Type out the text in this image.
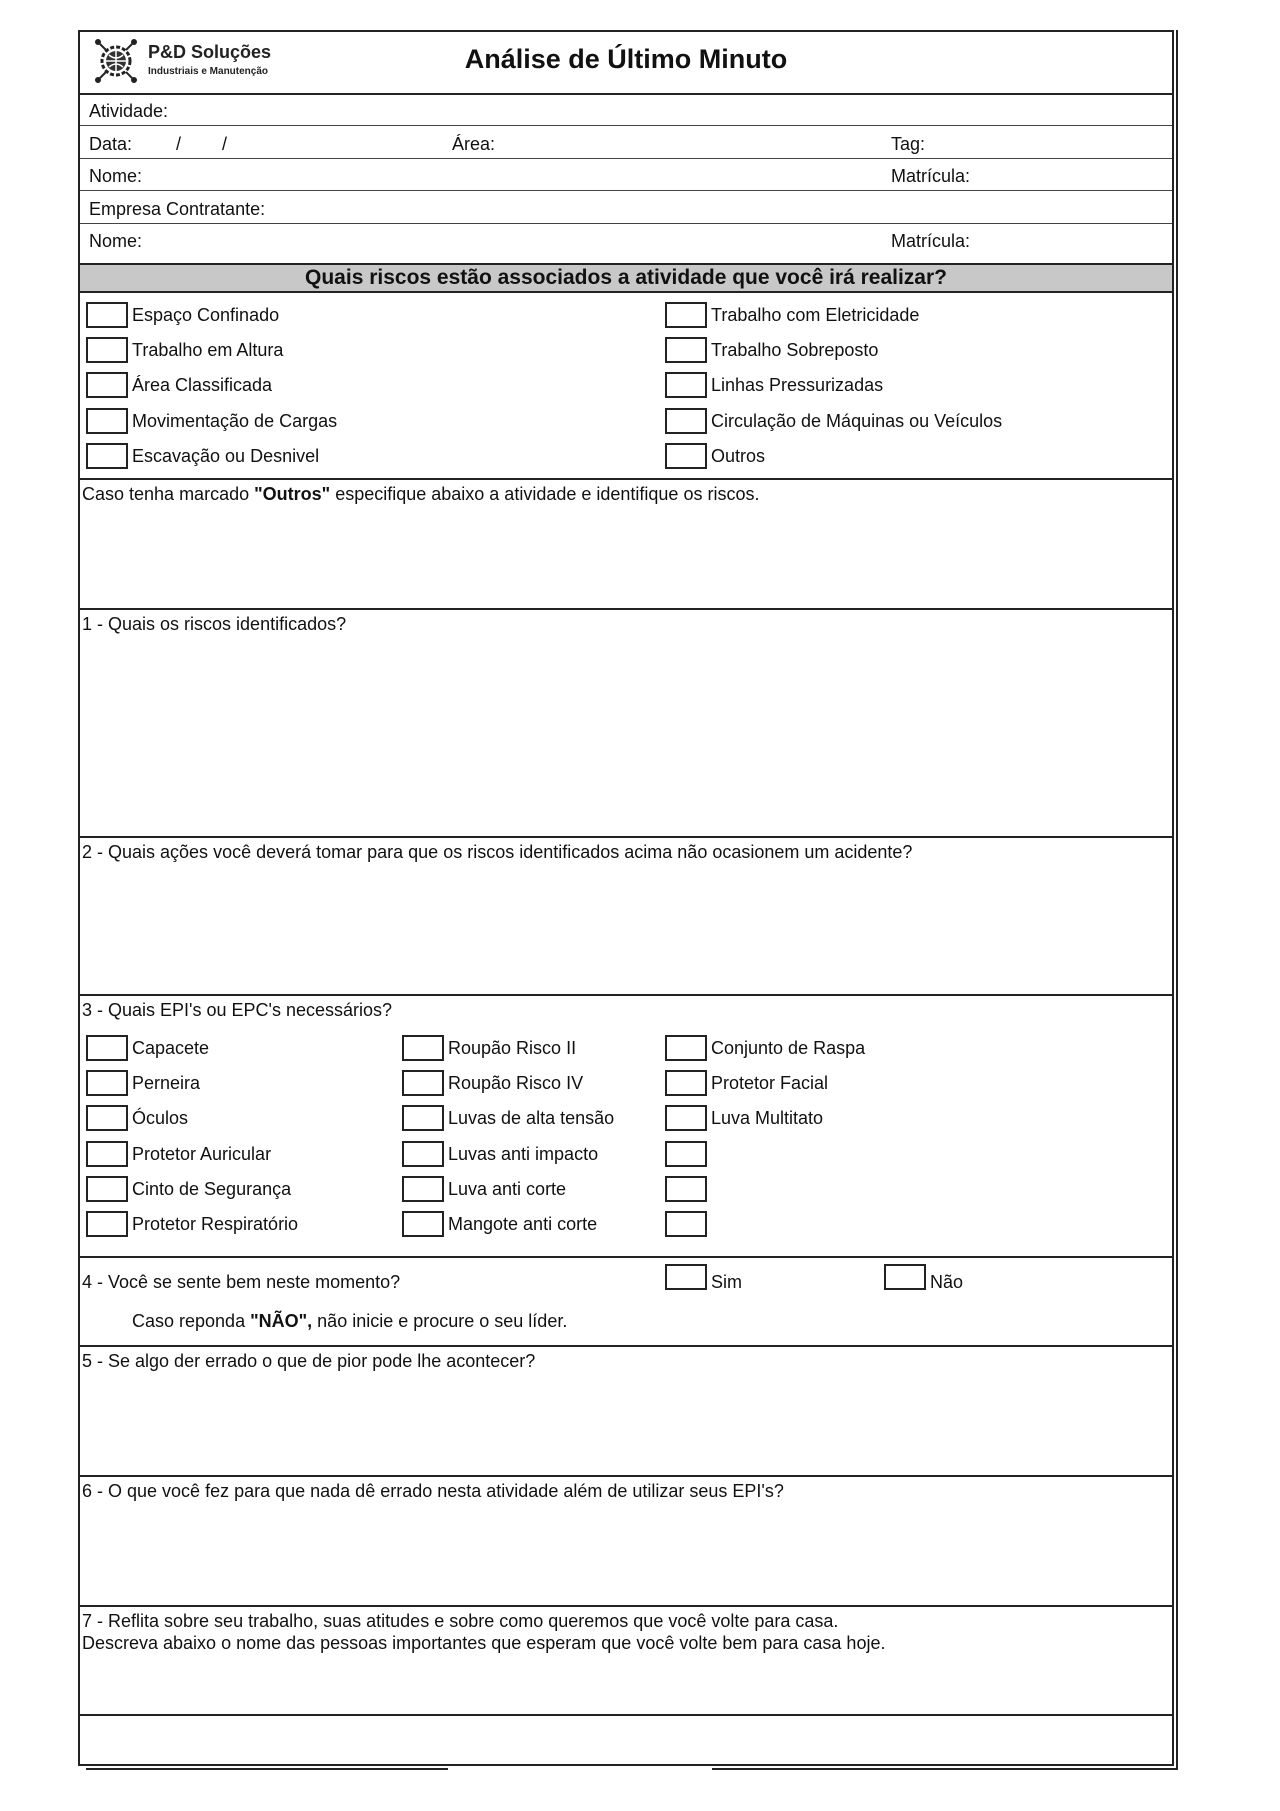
P&D Soluções
Industriais e Manutenção	Análise de Último Minuto
Atividade:
Data: / /	Área:	Tag:
Nome:	Matrícula:
Empresa Contratante:
Nome:	Matrícula:
Quais riscos estão associados a atividade que você irá realizar?
Espaço Confinado
Trabalho em Altura
Área Classificada
Movimentação de Cargas
Escavação ou Desnivel
Trabalho com Eletricidade
Trabalho Sobreposto
Linhas Pressurizadas
Circulação de Máquinas ou Veículos
Outros
Caso tenha marcado "Outros" especifique abaixo a atividade e identifique os riscos.
1 - Quais os riscos identificados?
2 - Quais ações você deverá tomar para que os riscos identificados acima não ocasionem um acidente?
3 - Quais EPI's ou EPC's necessários?
Capacete
Perneira
Óculos
Protetor Auricular
Cinto de Segurança
Protetor Respiratório
Roupão Risco II
Roupão Risco IV
Luvas de alta tensão
Luvas anti impacto
Luva anti corte
Mangote anti corte
Conjunto de Raspa
Protetor Facial
Luva Multitato
4 - Você se sente bem neste momento?	Sim	Não
Caso reponda "NÃO", não inicie e procure o seu líder.
5 - Se algo der errado o que de pior pode lhe acontecer?
6 - O que você fez para que nada dê errado nesta atividade além de utilizar seus EPI's?
7 - Reflita sobre seu trabalho, suas atitudes e sobre como queremos que você volte para casa.
Descreva abaixo o nome das pessoas importantes que esperam que você volte bem para casa hoje.
